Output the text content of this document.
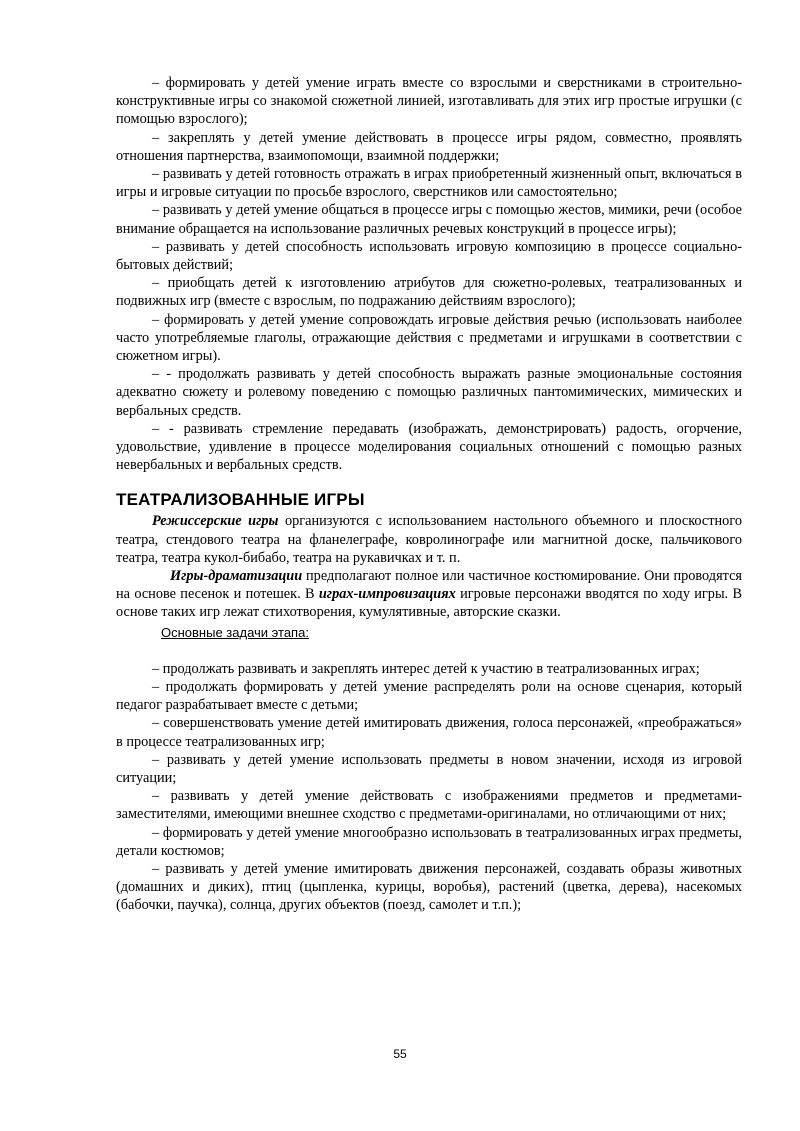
– формировать у детей умение играть вместе со взрослыми и сверстниками в строительно-конструктивные игры со знакомой сюжетной линией, изготавливать для этих игр простые игрушки (с помощью взрослого);

– закреплять у детей умение действовать в процессе игры рядом, совместно, проявлять отношения партнерства, взаимопомощи, взаимной поддержки;

– развивать у детей готовность отражать в играх приобретенный жизненный опыт, включаться в игры и игровые ситуации по просьбе взрослого, сверстников или самостоятельно;

– развивать у детей умение общаться в процессе игры с помощью жестов, мимики, речи (особое внимание обращается на использование различных речевых конструкций в процессе игры);

– развивать у детей способность использовать игровую композицию в процессе социально-бытовых действий;

– приобщать детей к изготовлению атрибутов для сюжетно-ролевых, театрализованных и подвижных игр (вместе с взрослым, по подражанию действиям взрослого);

– формировать у детей умение сопровождать игровые действия речью (использовать наиболее часто употребляемые глаголы, отражающие действия с предметами и игрушками в соответствии с сюжетном игры).

– - продолжать развивать у детей способность выражать разные эмоциональные состояния адекватно сюжету и ролевому поведению с помощью различных пантомимических, мимических и вербальных средств.

– - развивать стремление передавать (изображать, демонстрировать) радость, огорчение, удовольствие, удивление в процессе моделирования социальных отношений с помощью разных невербальных и вербальных средств.

ТЕАТРАЛИЗОВАННЫЕ ИГРЫ

Режиссерские игры организуются с использованием настольного объемного и плоскостного театра, стендового театра на фланелеграфе, ковролинографе или магнитной доске, пальчикового театра, театра кукол-бибабо, театра на рукавичках и т. п.

Игры-драматизации предполагают полное или частичное костюмирование. Они проводятся на основе песенок и потешек. В играх-импровизациях игровые персонажи вводятся по ходу игры. В основе таких игр лежат стихотворения, кумулятивные, авторские сказки.

Основные задачи этапа:

– продолжать развивать и закреплять интерес детей к участию в театрализованных играх;

– продолжать формировать у детей умение распределять роли на основе сценария, который педагог разрабатывает вместе с детьми;

– совершенствовать умение детей имитировать движения, голоса персонажей, «преображаться» в процессе театрализованных игр;

– развивать у детей умение использовать предметы в новом значении, исходя из игровой ситуации;

– развивать у детей умение действовать с изображениями предметов и предметами-заместителями, имеющими внешнее сходство с предметами-оригиналами, но отличающими от них;

– формировать у детей умение многообразно использовать в театрализованных играх предметы, детали костюмов;

– развивать у детей умение имитировать движения персонажей, создавать образы животных (домашних и диких), птиц (цыпленка, курицы, воробья), растений (цветка, дерева), насекомых (бабочки, паучка), солнца, других объектов (поезд, самолет и т.п.);

55
